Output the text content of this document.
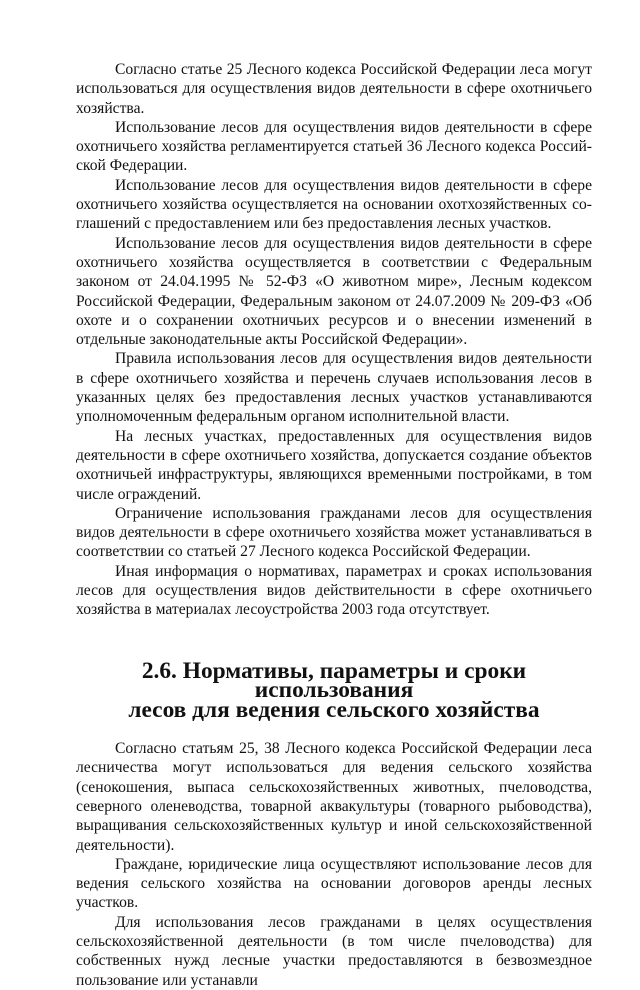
Согласно статье 25 Лесного кодекса Российской Федерации леса могут использоваться для осуществления видов деятельности в сфере охотничьего хозяйства.

Использование лесов для осуществления видов деятельности в сфере охотничьего хозяйства регламентируется статьей 36 Лесного кодекса Российской Федерации.

Использование лесов для осуществления видов деятельности в сфере охотничьего хозяйства осуществляется на основании охотхозяйственных соглашений с предоставлением или без предоставления лесных участков.

Использование лесов для осуществления видов деятельности в сфере охотничьего хозяйства осуществляется в соответствии с Федеральным законом от 24.04.1995 № 52-ФЗ «О животном мире», Лесным кодексом Российской Федерации, Федеральным законом от 24.07.2009 № 209-ФЗ «Об охоте и о сохранении охотничьих ресурсов и о внесении изменений в отдельные законодательные акты Российской Федерации».

Правила использования лесов для осуществления видов деятельности в сфере охотничьего хозяйства и перечень случаев использования лесов в указанных целях без предоставления лесных участков устанавливаются уполномоченным федеральным органом исполнительной власти.

На лесных участках, предоставленных для осуществления видов деятельности в сфере охотничьего хозяйства, допускается создание объектов охотничьей инфраструктуры, являющихся временными постройками, в том числе ограждений.

Ограничение использования гражданами лесов для осуществления видов деятельности в сфере охотничьего хозяйства может устанавливаться в соответствии со статьей 27 Лесного кодекса Российской Федерации.

Иная информация о нормативах, параметрах и сроках использования лесов для осуществления видов действительности в сфере охотничьего хозяйства в материалах лесоустройства 2003 года отсутствует.

2.6. Нормативы, параметры и сроки использования
лесов для ведения сельского хозяйства

Согласно статьям 25, 38 Лесного кодекса Российской Федерации леса лесничества могут использоваться для ведения сельского хозяйства (сенокошения, выпаса сельскохозяйственных животных, пчеловодства, северного оленеводства, товарной аквакультуры (товарного рыбоводства), выращивания сельскохозяйственных культур и иной сельскохозяйственной деятельности).

Граждане, юридические лица осуществляют использование лесов для ведения сельского хозяйства на основании договоров аренды лесных участков.

Для использования лесов гражданами в целях осуществления сельскохозяйственной деятельности (в том числе пчеловодства) для собственных нужд лесные участки предоставляются в безвозмездное пользование или устанавли
